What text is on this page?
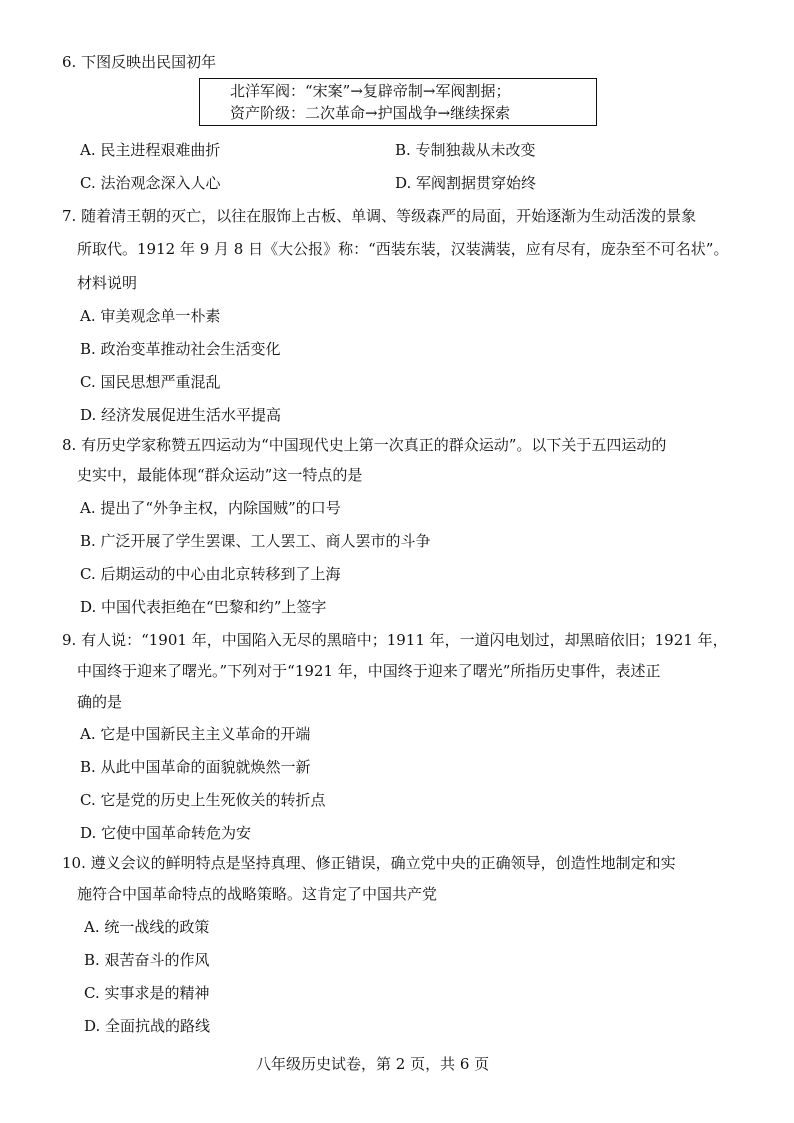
6. 下图反映出民国初年
北洋军阀：“宋案”→复辟帝制→军阀割据；
资产阶级：二次革命→护国战争→继续探索
A. 民主进程艰难曲折	B. 专制独裁从未改变
C. 法治观念深入人心	D. 军阀割据贯穿始终
7. 随着清王朝的灭亡，以往在服饰上古板、单调、等级森严的局面，开始逐渐为生动活泼的景象
所取代。1912 年 9 月 8 日《大公报》称：“西装东装，汉装满装，应有尽有，庞杂至不可名状”。
材料说明
A. 审美观念单一朴素
B. 政治变革推动社会生活变化
C. 国民思想严重混乱
D. 经济发展促进生活水平提高
8. 有历史学家称赞五四运动为“中国现代史上第一次真正的群众运动”。以下关于五四运动的
史实中，最能体现“群众运动”这一特点的是
A. 提出了“外争主权，内除国贼”的口号
B. 广泛开展了学生罢课、工人罢工、商人罢市的斗争
C. 后期运动的中心由北京转移到了上海
D. 中国代表拒绝在“巴黎和约”上签字
9. 有人说：“1901 年，中国陷入无尽的黑暗中；1911 年，一道闪电划过，却黑暗依旧；1921 年，
中国终于迎来了曙光。”下列对于“1921 年，中国终于迎来了曙光”所指历史事件，表述正
确的是
A. 它是中国新民主主义革命的开端
B. 从此中国革命的面貌就焕然一新
C. 它是党的历史上生死攸关的转折点
D. 它使中国革命转危为安
10. 遵义会议的鲜明特点是坚持真理、修正错误，确立党中央的正确领导，创造性地制定和实
施符合中国革命特点的战略策略。这肯定了中国共产党
A. 统一战线的政策
B. 艰苦奋斗的作风
C. 实事求是的精神
D. 全面抗战的路线
八年级历史试卷，第 2 页，共 6 页
